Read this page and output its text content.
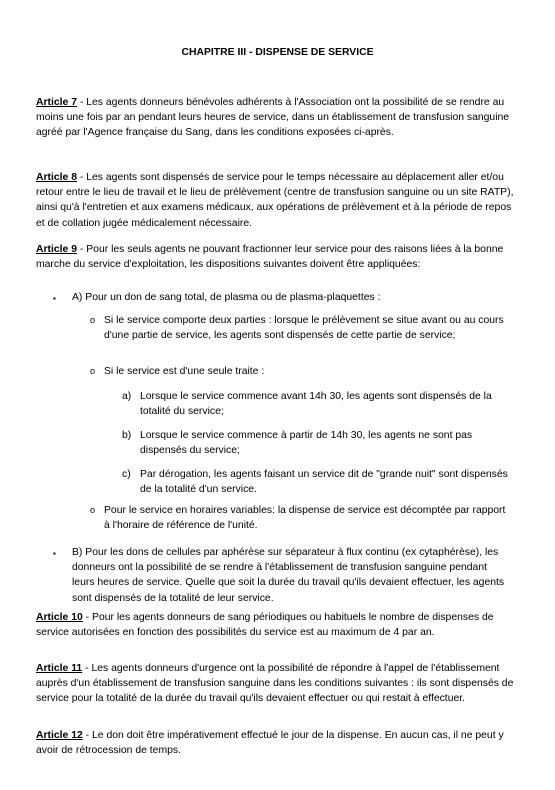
CHAPITRE III - DISPENSE DE SERVICE

Article 7 - Les agents donneurs bénévoles adhérents à l'Association ont la possibilité de se rendre au moins une fois par an pendant leurs heures de service, dans un établissement de transfusion sanguine agréé par l'Agence française du Sang, dans les conditions exposées ci-après.

Article 8 - Les agents sont dispensés de service pour le temps nécessaire au déplacement aller et/ou retour entre le lieu de travail et le lieu de prélèvement (centre de transfusion sanguine ou un site RATP), ainsi qu'à l'entretien et aux examens médicaux, aux opérations de prélèvement et à la période de repos et de collation jugée médicalement nécessaire.

Article 9 - Pour les seuls agents ne pouvant fractionner leur service pour des raisons liées à la bonne marche du service d'exploitation, les dispositions suivantes doivent être appliquées:

▪ A) Pour un don de sang total, de plasma ou de plasma-plaquettes :

o Si le service comporte deux parties : lorsque le prélèvement se situe avant ou au cours d'une partie de service, les agents sont dispensés de cette partie de service;

o Si le service est d'une seule traite :

a) Lorsque le service commence avant 14h 30, les agents sont dispensés de la totalité du service;

b) Lorsque le service commence à partir de 14h 30, les agents ne sont pas dispensés du service;

c) Par dérogation, les agents faisant un service dit de "grande nuit" sont dispensés de la totalité d'un service.

o Pour le service en horaires variables: la dispense de service est décomptée par rapport à l'horaire de référence de l'unité.

▪ B) Pour les dons de cellules par aphérèse sur séparateur à flux continu (ex cytaphérèse), les donneurs ont la possibilité de se rendre à l'établissement de transfusion sanguine pendant leurs heures de service. Quelle que soit la durée du travail qu'ils devaient effectuer, les agents sont dispensés de la totalité de leur service.

Article 10 - Pour les agents donneurs de sang périodiques ou habituels le nombre de dispenses de service autorisées en fonction des possibilités du service est au maximum de 4 par an.

Article 11 - Les agents donneurs d'urgence ont la possibilité de répondre à l'appel de l'établissement auprès d'un établissement de transfusion sanguine dans les conditions suivantes : ils sont dispensés de service pour la totalité de la durée du travail qu'ils devaient effectuer ou qui restait à effectuer.

Article 12 - Le don doit être impérativement effectué le jour de la dispense. En aucun cas, il ne peut y avoir de rétrocession de temps.
